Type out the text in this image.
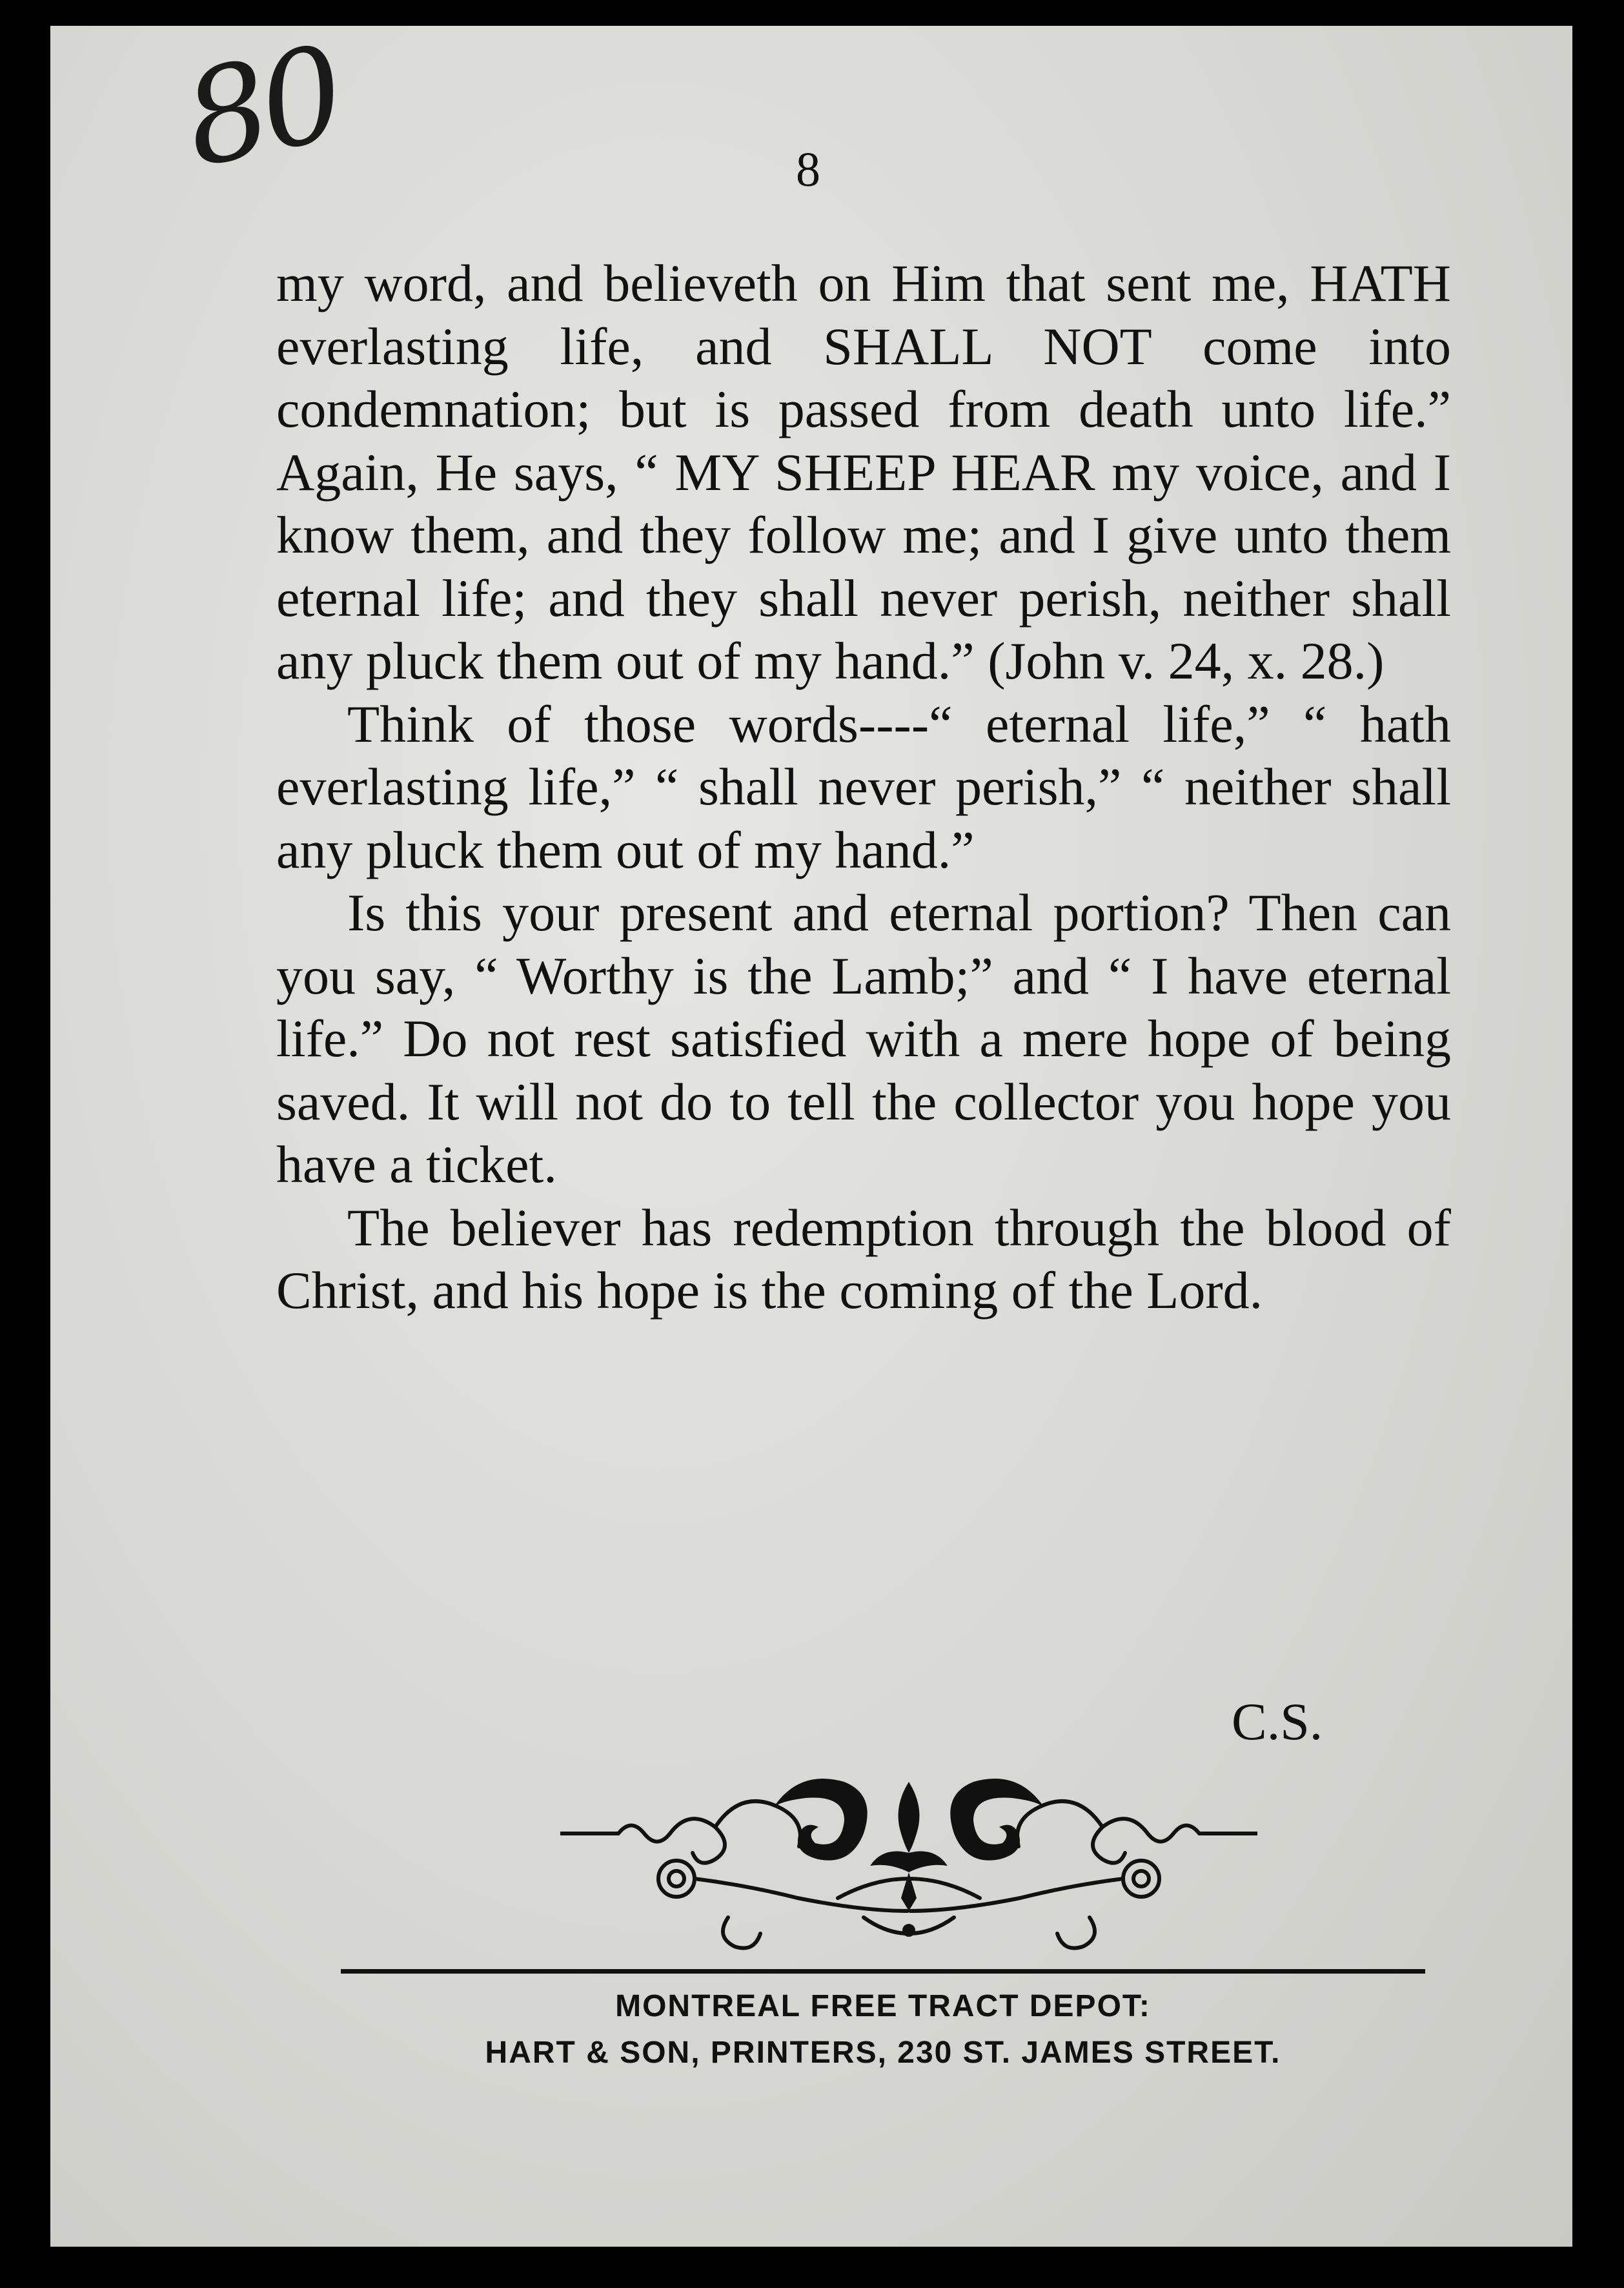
80	8

my word, and believeth on Him that sent me, HATH everlasting life, and SHALL NOT come into condemnation; but is passed from death unto life.” Again, He says, “ MY SHEEP HEAR my voice, and I know them, and they follow me; and I give unto them eternal life; and they shall never perish, neither shall any pluck them out of my hand.” (John v. 24, x. 28.)

Think of those words----“ eternal life,” “ hath everlasting life,” “ shall never perish,” “ neither shall any pluck them out of my hand.”

Is this your present and eternal portion? Then can you say, “ Worthy is the Lamb;” and “ I have eternal life.” Do not rest satisfied with a mere hope of being saved. It will not do to tell the collector you hope you have a ticket.

The believer has redemption through the blood of Christ, and his hope is the coming of the Lord.

C.S.
MONTREAL FREE TRACT DEPOT:
HART & SON, PRINTERS, 230 ST. JAMES STREET.
